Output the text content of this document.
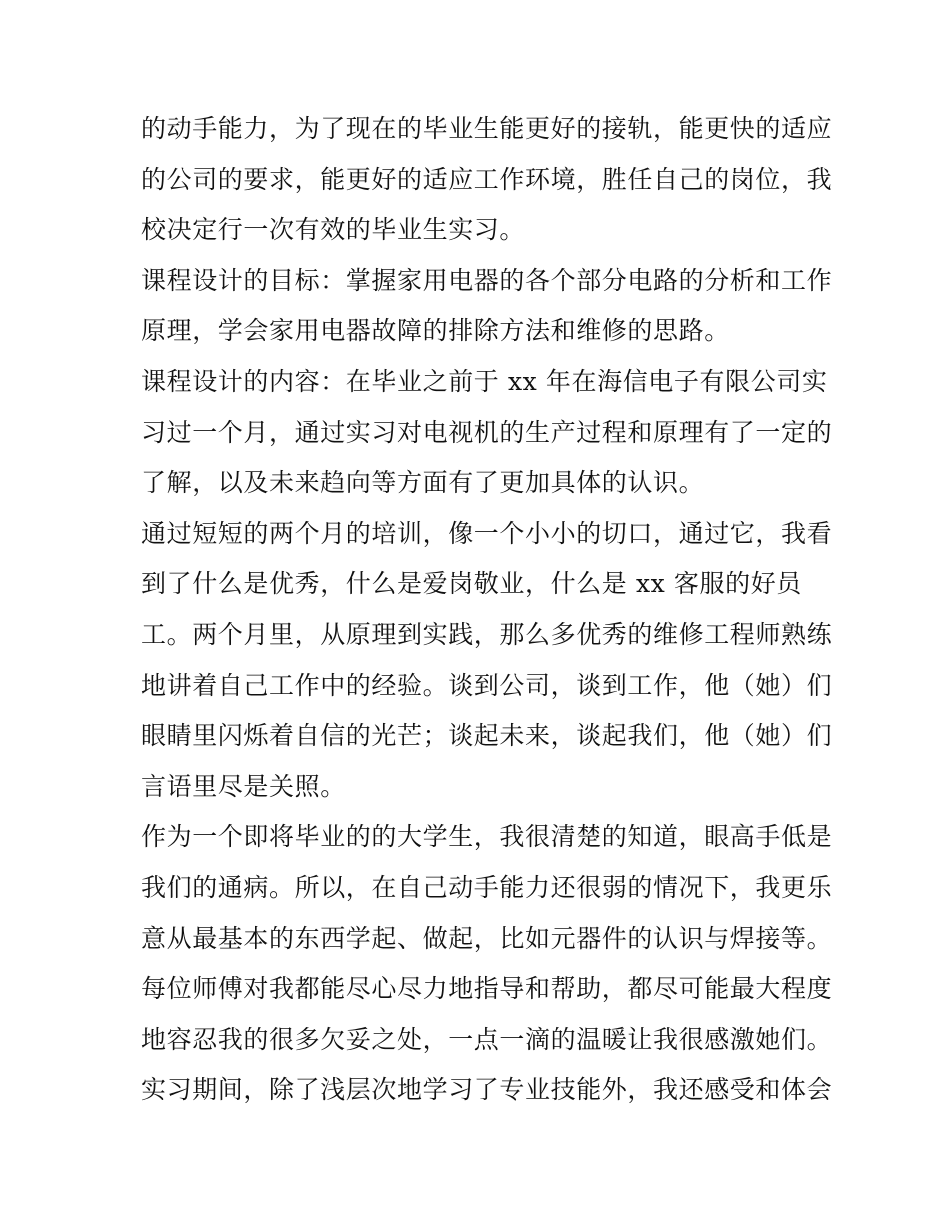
的动手能力，为了现在的毕业生能更好的接轨，能更快的适应
的公司的要求，能更好的适应工作环境，胜任自己的岗位，我
校决定行一次有效的毕业生实习。
课程设计的目标：掌握家用电器的各个部分电路的分析和工作
原理，学会家用电器故障的排除方法和维修的思路。
课程设计的内容：在毕业之前于 xx 年在海信电子有限公司实
习过一个月，通过实习对电视机的生产过程和原理有了一定的
了解，以及未来趋向等方面有了更加具体的认识。
通过短短的两个月的培训，像一个小小的切口，通过它，我看
到了什么是优秀，什么是爱岗敬业，什么是 xx 客服的好员
工。两个月里，从原理到实践，那么多优秀的维修工程师熟练
地讲着自己工作中的经验。谈到公司，谈到工作，他（她）们
眼睛里闪烁着自信的光芒；谈起未来，谈起我们，他（她）们
言语里尽是关照。
作为一个即将毕业的的大学生，我很清楚的知道，眼高手低是
我们的通病。所以，在自己动手能力还很弱的情况下，我更乐
意从最基本的东西学起、做起，比如元器件的认识与焊接等。
每位师傅对我都能尽心尽力地指导和帮助，都尽可能最大程度
地容忍我的很多欠妥之处，一点一滴的温暖让我很感激她们。
实习期间，除了浅层次地学习了专业技能外，我还感受和体会
